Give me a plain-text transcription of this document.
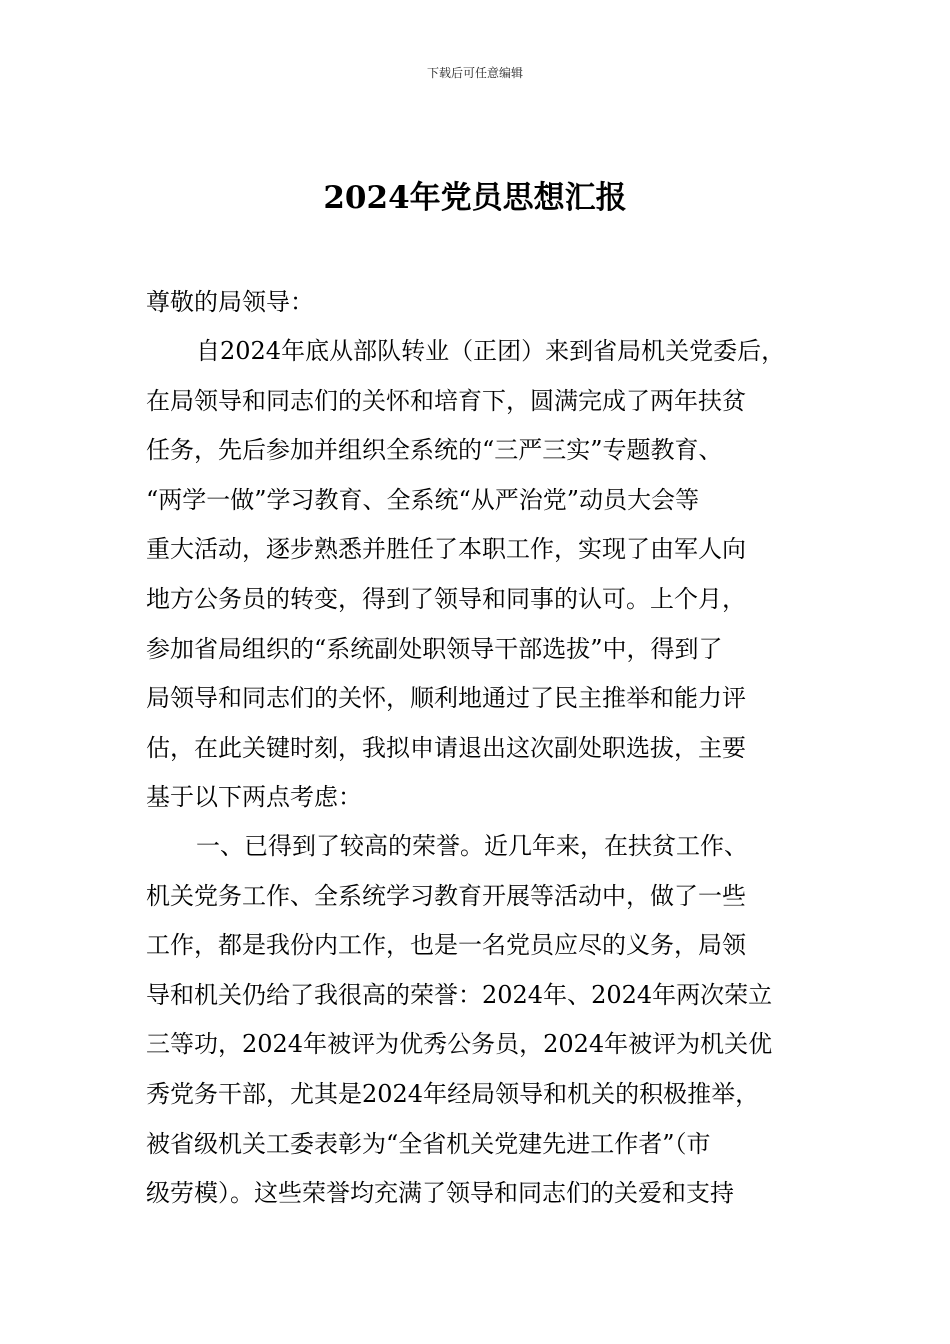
下载后可任意编辑
2024年党员思想汇报

尊敬的局领导：

自2024年底从部队转业（正团）来到省局机关党委后，
在局领导和同志们的关怀和培育下，圆满完成了两年扶贫
任务，先后参加并组织全系统的“三严三实”专题教育、
“两学一做”学习教育、全系统“从严治党”动员大会等
重大活动，逐步熟悉并胜任了本职工作，实现了由军人向
地方公务员的转变，得到了领导和同事的认可。上个月，
参加省局组织的“系统副处职领导干部选拔”中，得到了
局领导和同志们的关怀，顺利地通过了民主推举和能力评
估，在此关键时刻，我拟申请退出这次副处职选拔，主要
基于以下两点考虑：
一、已得到了较高的荣誉。近几年来，在扶贫工作、
机关党务工作、全系统学习教育开展等活动中，做了一些
工作，都是我份内工作，也是一名党员应尽的义务，局领
导和机关仍给了我很高的荣誉：2024年、2024年两次荣立
三等功，2024年被评为优秀公务员，2024年被评为机关优
秀党务干部，尤其是2024年经局领导和机关的积极推举，
被省级机关工委表彰为“全省机关党建先进工作者”（市
级劳模）。这些荣誉均充满了领导和同志们的关爱和支持
